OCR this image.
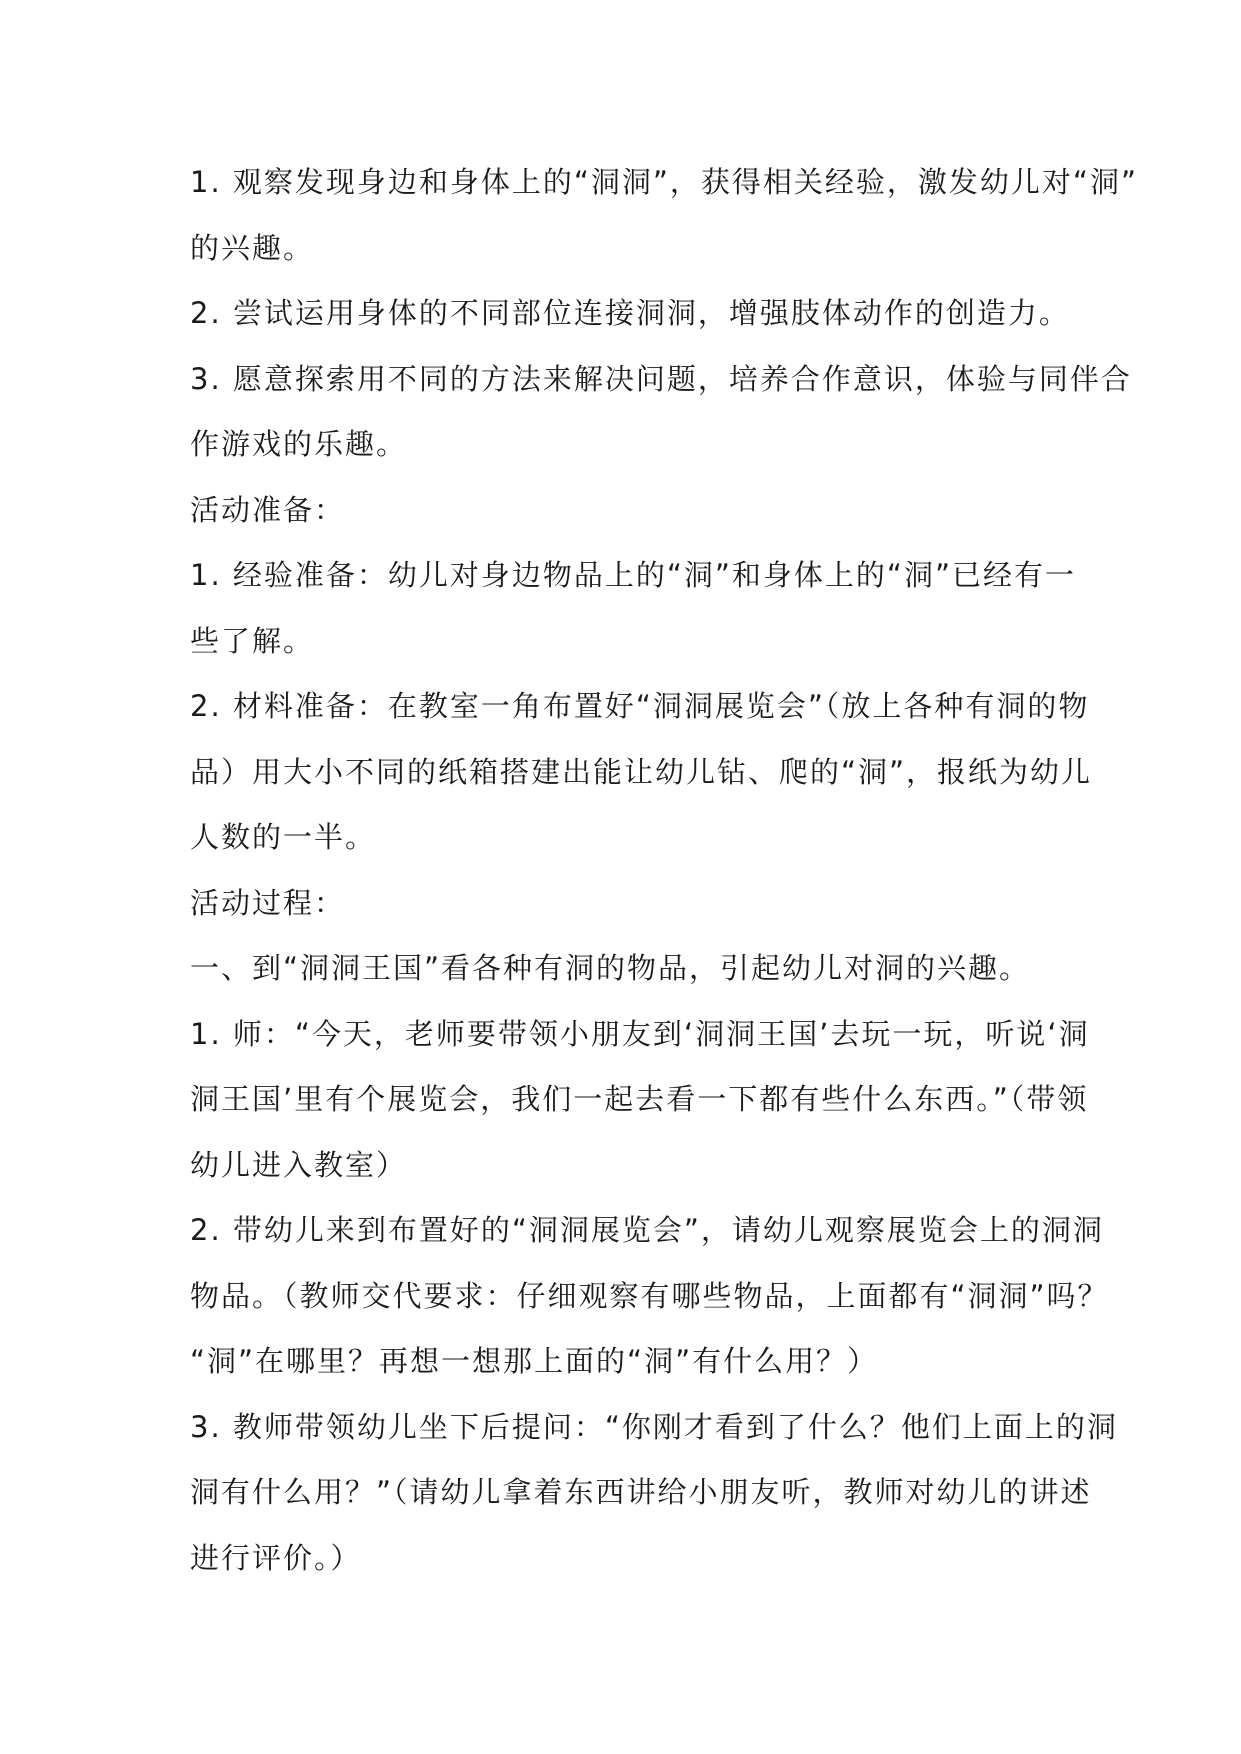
1. 观察发现身边和身体上的“洞洞”，获得相关经验，激发幼儿对“洞”
的兴趣。
2. 尝试运用身体的不同部位连接洞洞，增强肢体动作的创造力。
3. 愿意探索用不同的方法来解决问题，培养合作意识，体验与同伴合
作游戏的乐趣。
活动准备：
1. 经验准备：幼儿对身边物品上的“洞”和身体上的“洞”已经有一
些了解。
2. 材料准备：在教室一角布置好“洞洞展览会”（放上各种有洞的物
品）用大小不同的纸箱搭建出能让幼儿钻、爬的“洞”，报纸为幼儿
人数的一半。
活动过程：
一、到“洞洞王国”看各种有洞的物品，引起幼儿对洞的兴趣。
1. 师：“今天，老师要带领小朋友到‘洞洞王国’去玩一玩，听说‘洞
洞王国’里有个展览会，我们一起去看一下都有些什么东西。”（带领
幼儿进入教室）
2. 带幼儿来到布置好的“洞洞展览会”，请幼儿观察展览会上的洞洞
物品。（教师交代要求：仔细观察有哪些物品，上面都有“洞洞”吗？
“洞”在哪里？再想一想那上面的“洞”有什么用？）
3. 教师带领幼儿坐下后提问：“你刚才看到了什么？他们上面上的洞
洞有什么用？”（请幼儿拿着东西讲给小朋友听，教师对幼儿的讲述
进行评价。）
